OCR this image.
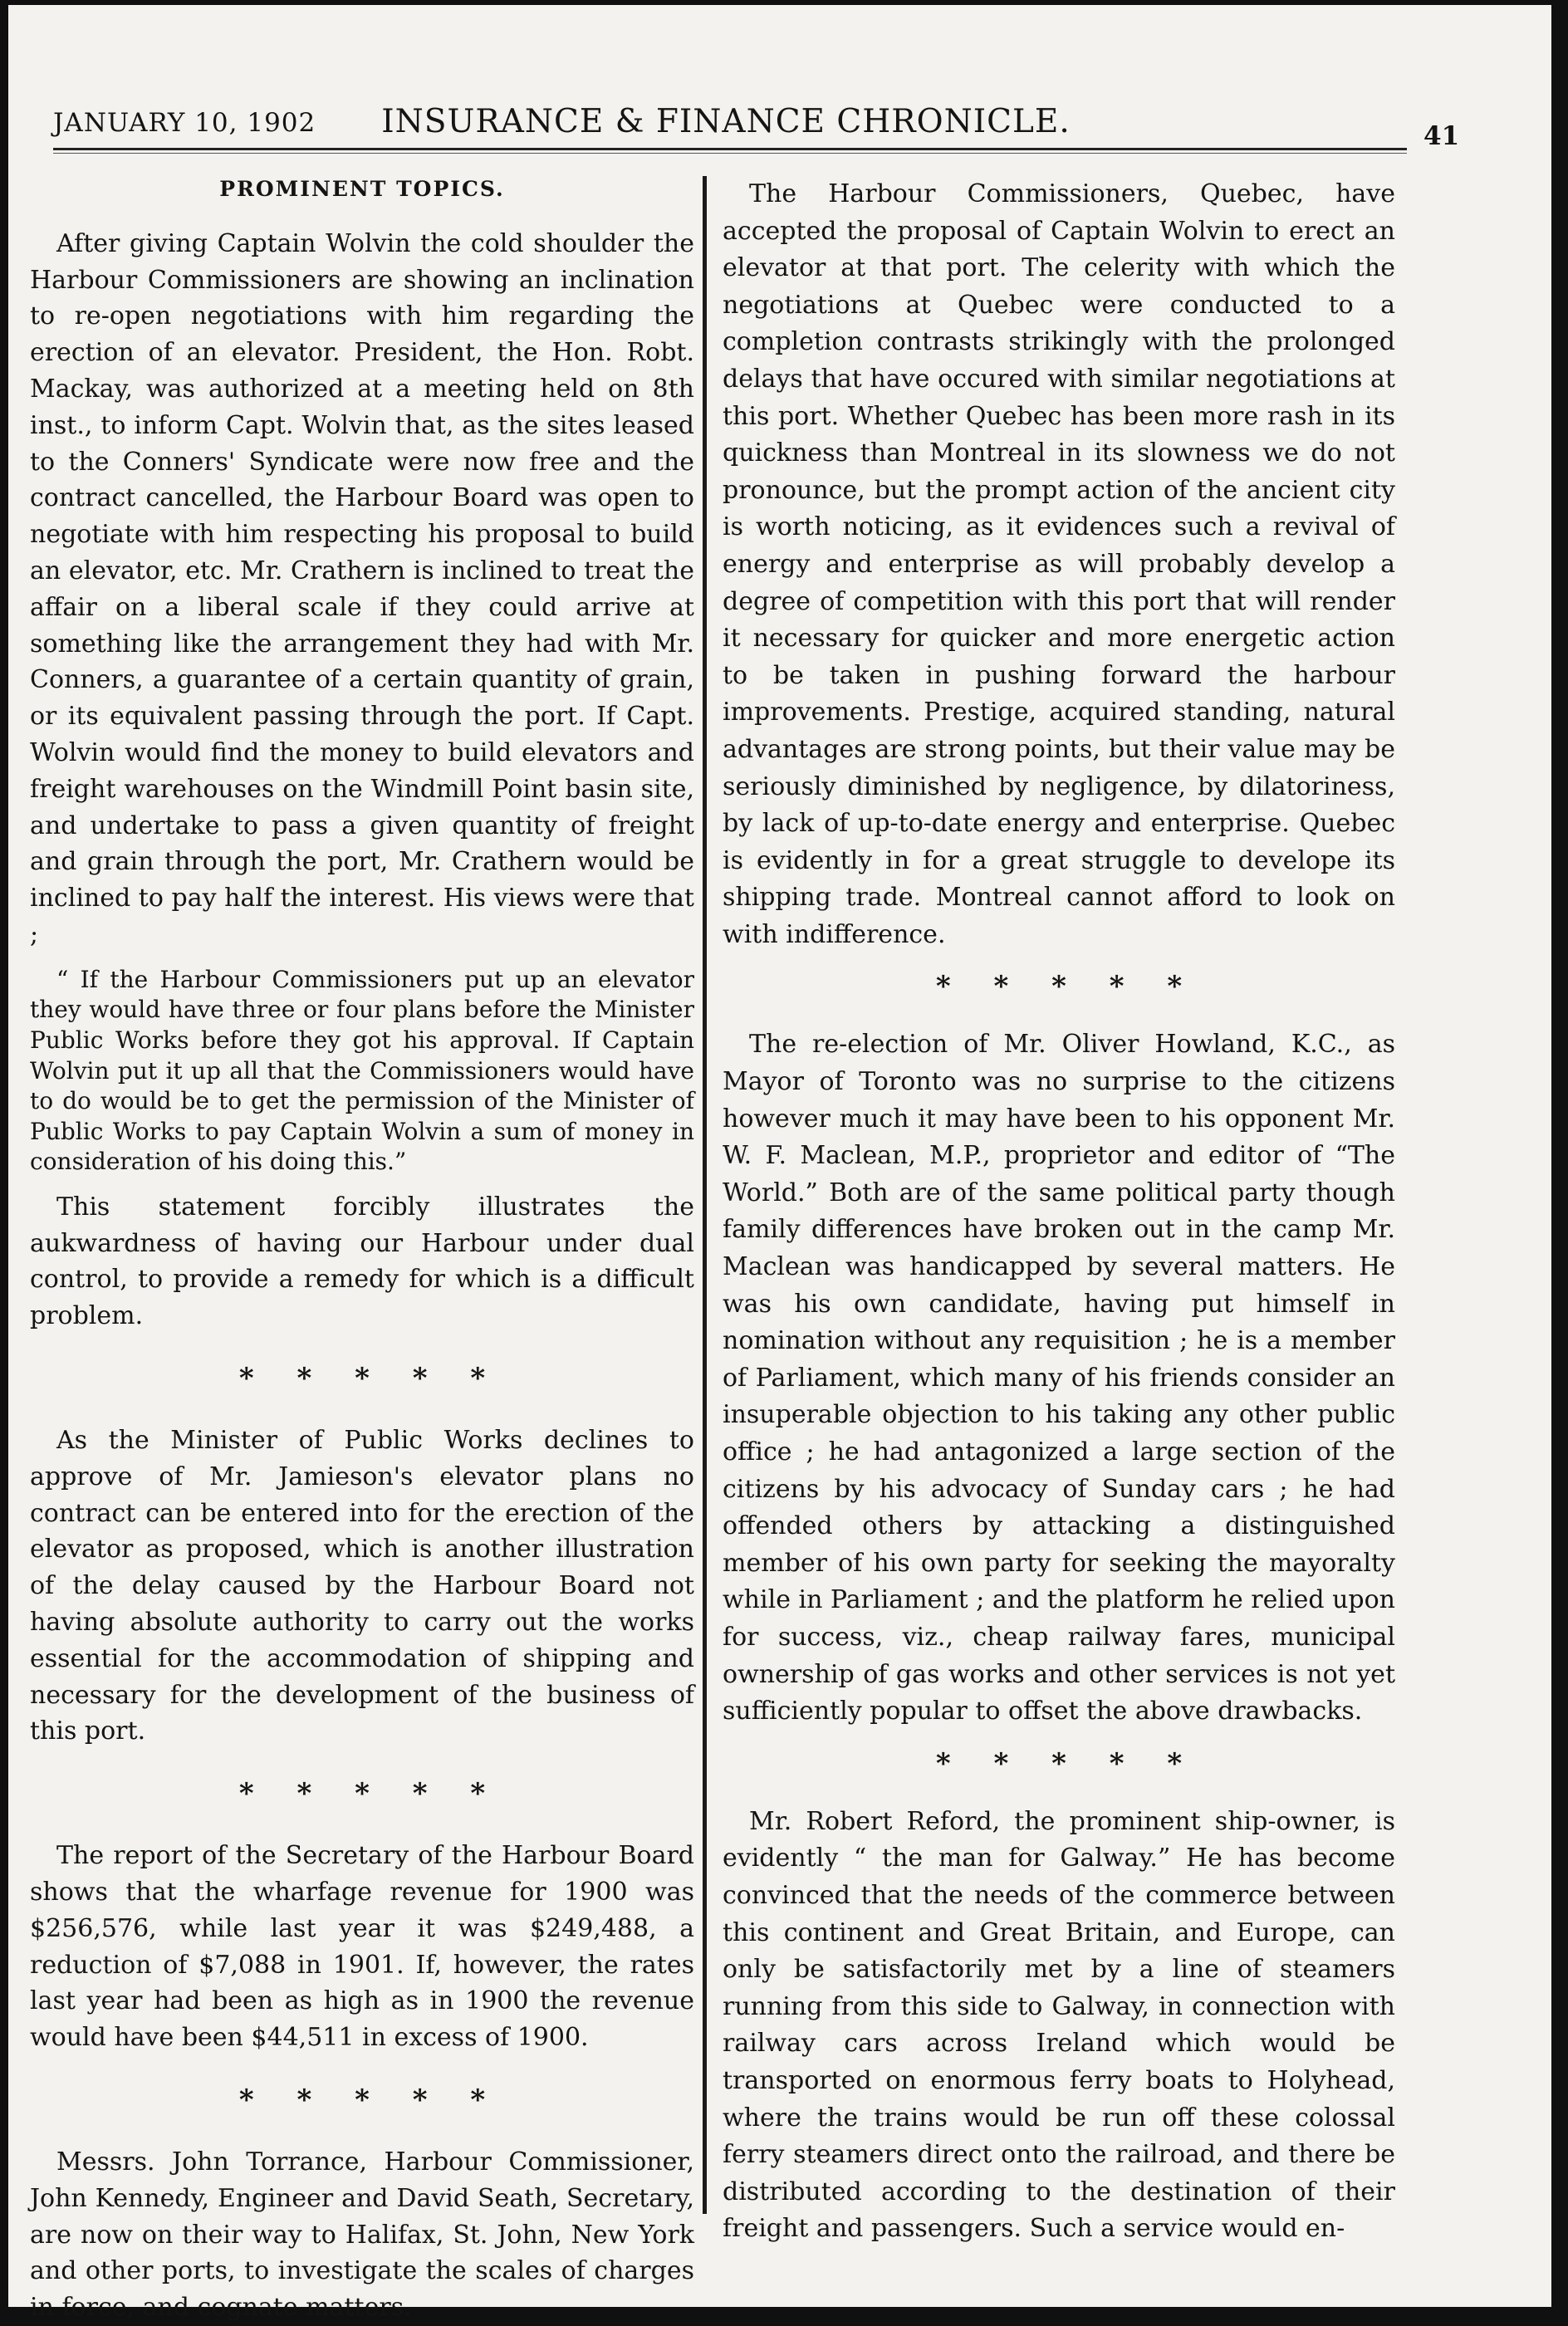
JANUARY 10, 1902	INSURANCE & FINANCE CHRONICLE.	41
PROMINENT TOPICS.

After giving Captain Wolvin the cold shoulder the Harbour Commissioners are showing an inclination to re-open negotiations with him regarding the erection of an elevator. President, the Hon. Robt. Mackay, was authorized at a meeting held on 8th inst., to inform Capt. Wolvin that, as the sites leased to the Conners' Syndicate were now free and the contract cancelled, the Harbour Board was open to negotiate with him respecting his proposal to build an elevator, etc. Mr. Crathern is inclined to treat the affair on a liberal scale if they could arrive at something like the arrangement they had with Mr. Conners, a guarantee of a certain quantity of grain, or its equivalent passing through the port. If Capt. Wolvin would find the money to build elevators and freight warehouses on the Windmill Point basin site, and undertake to pass a given quantity of freight and grain through the port, Mr. Crathern would be inclined to pay half the interest. His views were that ;

“ If the Harbour Commissioners put up an elevator they would have three or four plans before the Minister Public Works before they got his approval. If Captain Wolvin put it up all that the Commissioners would have to do would be to get the permission of the Minister of Public Works to pay Captain Wolvin a sum of money in consideration of his doing this.”

This statement forcibly illustrates the aukwardness of having our Harbour under dual control, to provide a remedy for which is a difficult problem.

* * * * *

As the Minister of Public Works declines to approve of Mr. Jamieson's elevator plans no contract can be entered into for the erection of the elevator as proposed, which is another illustration of the delay caused by the Harbour Board not having absolute authority to carry out the works essential for the accommodation of shipping and necessary for the development of the business of this port.

* * * * *

The report of the Secretary of the Harbour Board shows that the wharfage revenue for 1900 was $256,576, while last year it was $249,488, a reduction of $7,088 in 1901. If, however, the rates last year had been as high as in 1900 the revenue would have been $44,511 in excess of 1900.

* * * * *

Messrs. John Torrance, Harbour Commissioner, John Kennedy, Engineer and David Seath, Secretary, are now on their way to Halifax, St. John, New York and other ports, to investigate the scales of charges in force, and cognate matters.

The Harbour Commissioners, Quebec, have accepted the proposal of Captain Wolvin to erect an elevator at that port. The celerity with which the negotiations at Quebec were conducted to a completion contrasts strikingly with the prolonged delays that have occured with similar negotiations at this port. Whether Quebec has been more rash in its quickness than Montreal in its slowness we do not pronounce, but the prompt action of the ancient city is worth noticing, as it evidences such a revival of energy and enterprise as will probably develop a degree of competition with this port that will render it necessary for quicker and more energetic action to be taken in pushing forward the harbour improvements. Prestige, acquired standing, natural advantages are strong points, but their value may be seriously diminished by negligence, by dilatoriness, by lack of up-to-date energy and enterprise. Quebec is evidently in for a great struggle to develope its shipping trade. Montreal cannot afford to look on with indifference.

* * * * *

The re-election of Mr. Oliver Howland, K.C., as Mayor of Toronto was no surprise to the citizens however much it may have been to his opponent Mr. W. F. Maclean, M.P., proprietor and editor of “The World.” Both are of the same political party though family differences have broken out in the camp Mr. Maclean was handicapped by several matters. He was his own candidate, having put himself in nomination without any requisition ; he is a member of Parliament, which many of his friends consider an insuperable objection to his taking any other public office ; he had antagonized a large section of the citizens by his advocacy of Sunday cars ; he had offended others by attacking a distinguished member of his own party for seeking the mayoralty while in Parliament ; and the platform he relied upon for success, viz., cheap railway fares, municipal ownership of gas works and other services is not yet sufficiently popular to offset the above drawbacks.

* * * * *

Mr. Robert Reford, the prominent ship-owner, is evidently “ the man for Galway.” He has become convinced that the needs of the commerce between this continent and Great Britain, and Europe, can only be satisfactorily met by a line of steamers running from this side to Galway, in connection with railway cars across Ireland which would be transported on enormous ferry boats to Holyhead, where the trains would be run off these colossal ferry steamers direct onto the railroad, and there be distributed according to the destination of their freight and passengers. Such a service would en-
